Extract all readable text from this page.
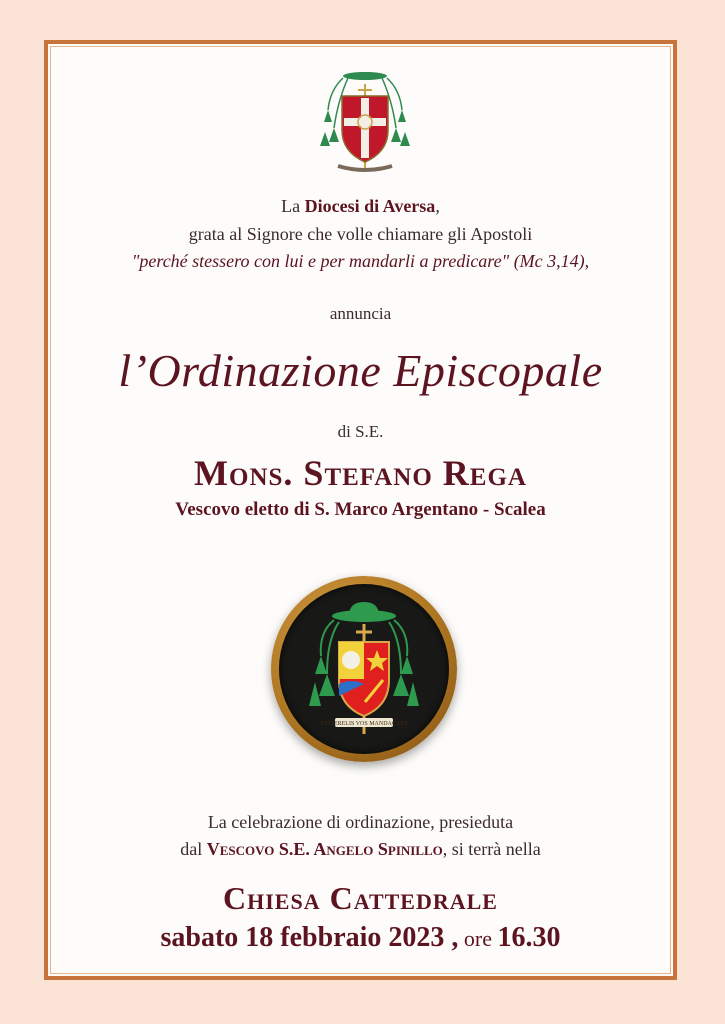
La Diocesi di Aversa,
grata al Signore che volle chiamare gli Apostoli
"perché stessero con lui e per mandarli a predicare" (Mc 3,14),
annuncia
l’Ordinazione Episcopale
di S.E.
Mons. Stefano Rega
Vescovo eletto di S. Marco Argentano - Scalea
STATERELIS VOS MANDACARE
La celebrazione di ordinazione, presieduta
dal Vescovo S.E. Angelo Spinillo, si terrà nella
Chiesa Cattedrale
sabato 18 febbraio 2023 , ore 16.30
